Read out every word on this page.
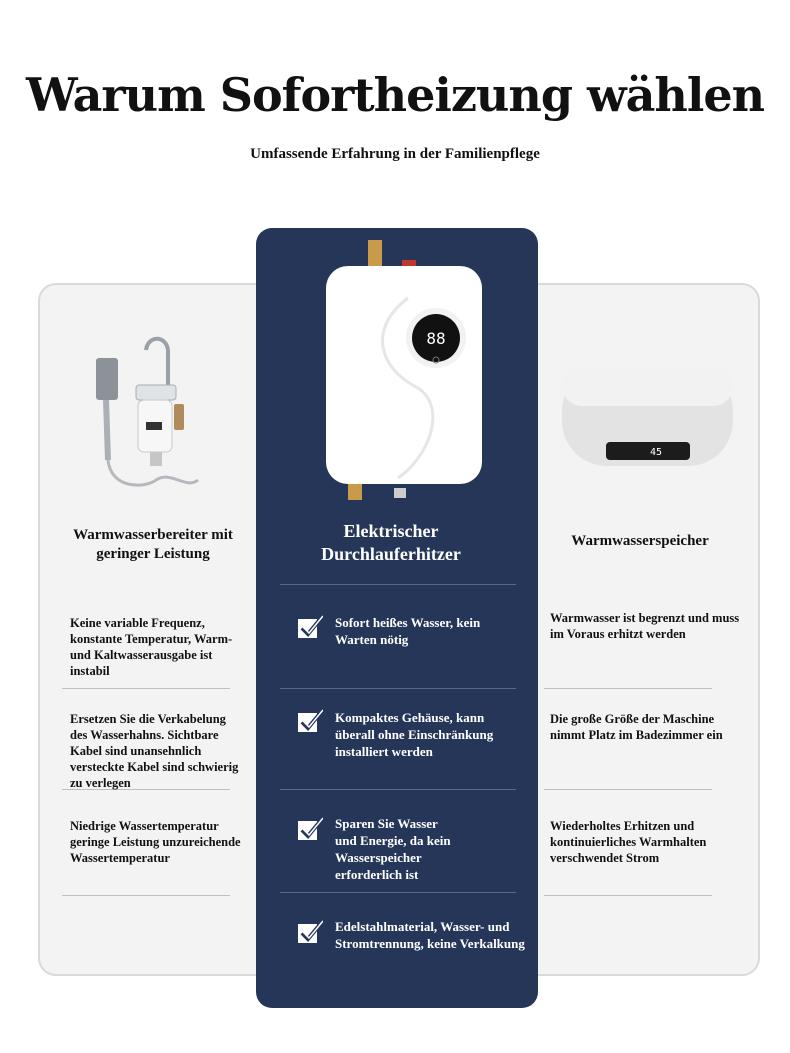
Warum Sofortheizung wählen
Umfassende Erfahrung in der Familienpflege
88
45
Warmwasserbereiter mit geringer Leistung
Elektrischer Durchlauferhitzer
Warmwasserspeicher
Keine variable Frequenz, konstante Temperatur, Warm- und Kaltwasserausgabe ist instabil
Ersetzen Sie die Verkabelung des Wasserhahns. Sichtbare Kabel sind unansehnlich versteckte Kabel sind schwierig zu verlegen
Niedrige Wassertemperatur geringe Leistung unzureichende Wassertemperatur
Sofort heißes Wasser, kein Warten nötig
Kompaktes Gehäuse, kann überall ohne Einschränkung installiert werden
Sparen Sie Wasser und Energie, da kein Wasserspeicher erforderlich ist
Edelstahlmaterial, Wasser- und Stromtrennung, keine Verkalkung
Warmwasser ist begrenzt und muss im Voraus erhitzt werden
Die große Größe der Maschine nimmt Platz im Badezimmer ein
Wiederholtes Erhitzen und kontinuierliches Warmhalten verschwendet Strom
